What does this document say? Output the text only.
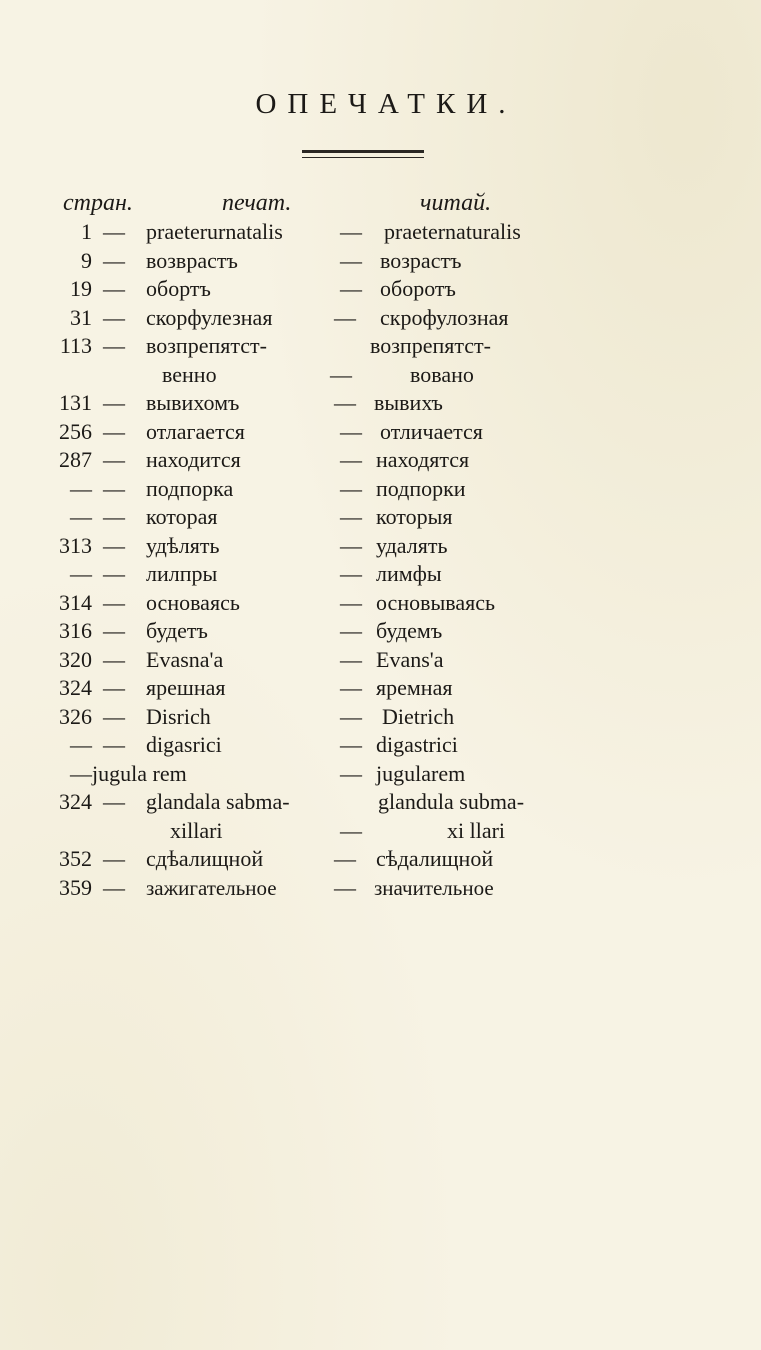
ОПЕЧАТКИ.
стран.	печат.	читай.
1 — praeterurnatalis	— praeternaturalis
9 — возврастъ	— возрастъ
19 — обортъ	— оборотъ
31 — скорфулезная	— скрофулозная
113 — возпрепятст-	возпрепятст-
венно	—	вовано
131 — вывихомъ	— вывихъ
256 — отлагается	— отличается
287 — находится	— находятся
— — подпорка	— подпорки
— — которая	— которыя
313 — удѣлять	— удалять
— — лилпры	— лимфы
314 — основаясь	— основываясь
316 — будетъ	— будемъ
320 — Evasna'a	— Evans'a
324 — ярешная	— яремная
326 — Disrich	— Dietrich
— — digasrici	— digastrici
— jugula rem	— jugularem
324 — glandala sabma-	glandula subma-
xillari	—	xi llari
352 — сдѣалищной	— сѣдалищной
359 — зажигательное	— значительное
